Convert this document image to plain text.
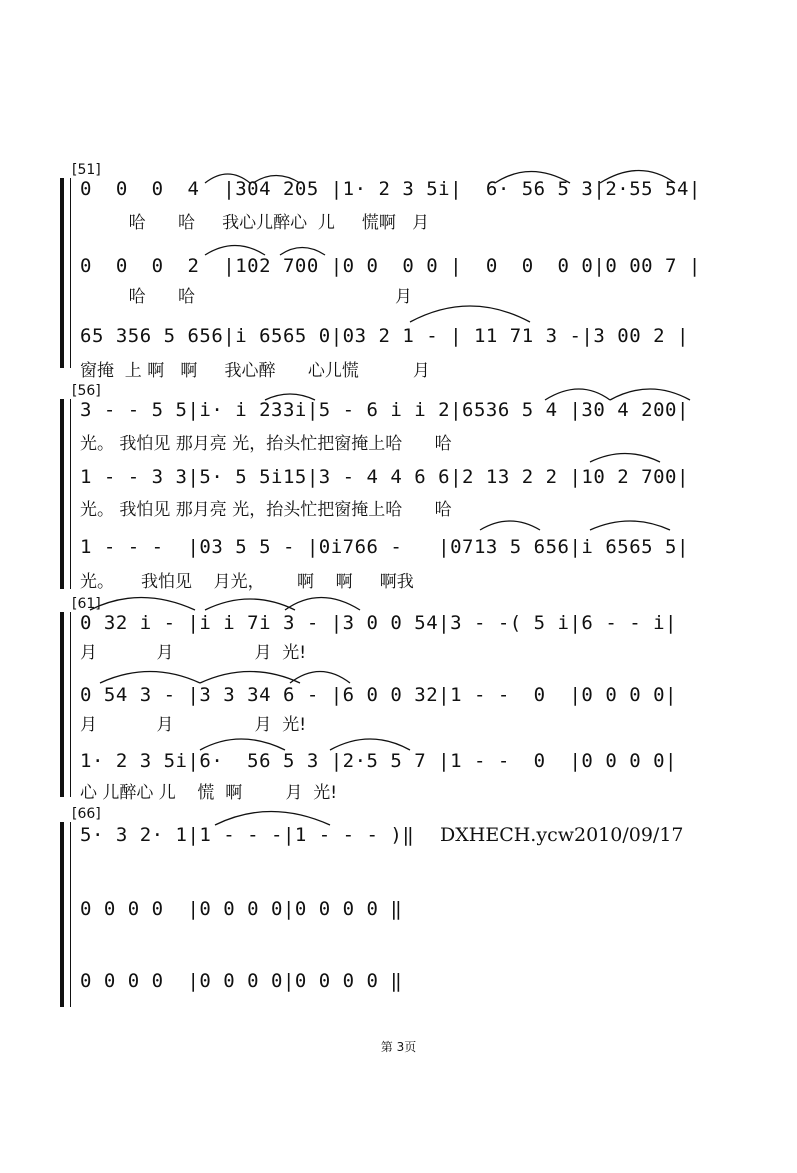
[51]
0  0  0  4  |304 205 |1· 2 3 5i|  6· 56 5 3|2·55 54|
哈      哈     我心儿醉心  儿     慌啊   月
0  0  0  2  |102 700 |0 0  0 0 |  0  0  0 0|0 00 7 |
哈      哈                                     月
65 356 5 656|i 6565 0|03 2 1 - | 11 71 3 -|3 00 2 |
窗掩  上 啊   啊     我心醉      心儿慌          月
[56]
3 - - 5 5|i· i 233i|5 - 6 i i 2|6536 5 4 |30 4 200|
光。 我怕见 那月亮 光，抬头忙把窗掩上哈      哈
1 - - 3 3|5· 5 5i15|3 - 4 4 6 6|2 13 2 2 |10 2 700|
光。 我怕见 那月亮 光，抬头忙把窗掩上哈      哈
1 - - -  |03 5 5 - |0i766 -   |0713 5 656|i 6565 5|
光。     我怕见    月光，      啊    啊     啊我
[61]
0 32 i - |i i 7i 3 - |3 0 0 54|3 - -( 5 i|6 - - i|
月           月               月  光!
0 54 3 - |3 3 34 6 - |6 0 0 32|1 - -  0  |0 0 0 0|
月           月               月  光!
1· 2 3 5i|6·  56 5 3 |2·5 5 7 |1 - -  0  |0 0 0 0|
心 儿醉心 儿    慌  啊        月  光!
[66]
5· 3 2· 1|1 - - -|1 - - - )‖ DXHECH.ycw2010/09/17
0 0 0 0  |0 0 0 0|0 0 0 0 ‖
0 0 0 0  |0 0 0 0|0 0 0 0 ‖
第 3页
